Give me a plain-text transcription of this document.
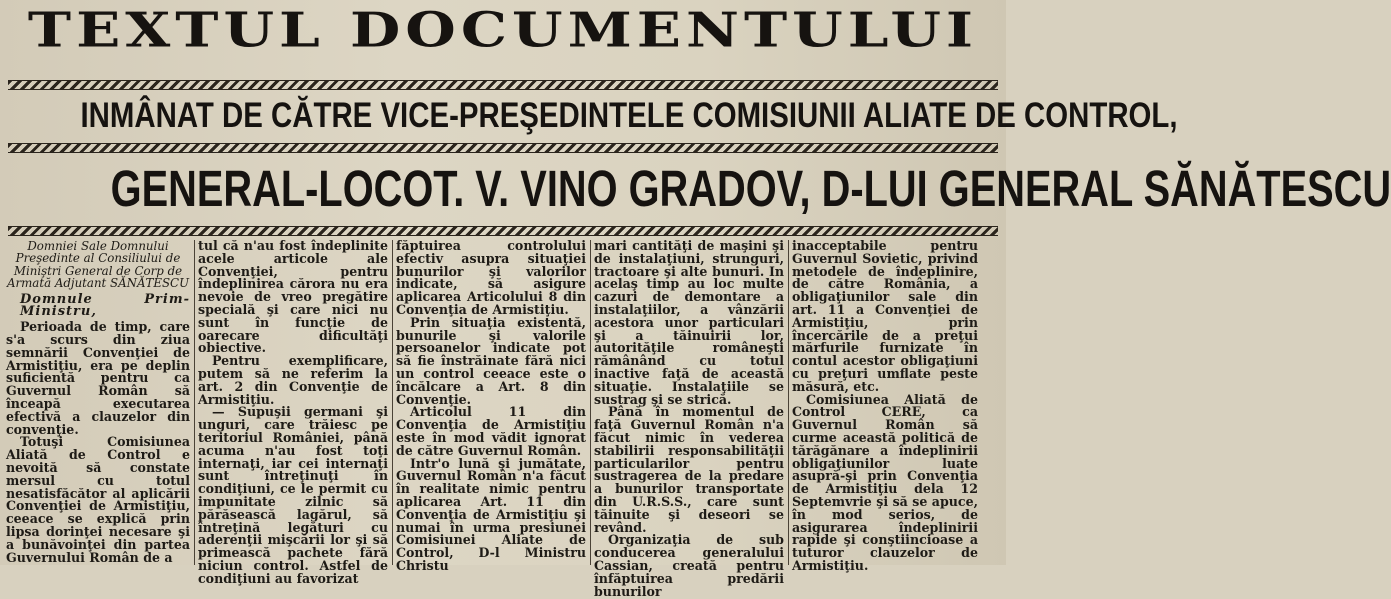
TEXTUL DOCUMENTULUI
INMÂNAT DE CĂTRE VICE-PREŞEDINTELE COMISIUNII ALIATE DE CONTROL,
GENERAL-LOCOT. V. VINO GRADOV, D-LUI GENERAL SĂNĂTESCU

Domniei Sale Domnului Preşedinte al Consiliului de Miniştri General de Corp de Armată Adjutant SĂNĂTESCU

Domnule Prim-Ministru,

Perioada de timp, care s'a scurs din ziua semnării Convenţiei de Armistiţiu, era pe deplin suficientă pentru ca Guvernul Român să înceapă executarea efectivă a clauzelor din convenţie.

Totuşi Comisiunea Aliată de Control e nevoită să constate mersul cu totul nesatisfăcător al aplicării Convenţiei de Armistiţiu, ceeace se explică prin lipsa dorinţei necesare şi a bunăvoinţei din partea Guvernului Român de a

tul că n'au fost îndeplinite acele articole ale Convenţiei, pentru îndeplinirea cărora nu era nevoie de vreo pregătire specială şi care nici nu sunt în funcţie de oarecare dificultăţi obiective.

Pentru exemplificare, putem să ne referim la art. 2 din Convenţie de Armistiţiu.

— Supuşii germani şi unguri, care trăiesc pe teritoriul României, până acuma n'au fost toţi internaţi, iar cei internaţi sunt întreţinuţi în condiţiuni, ce le permit cu impunitate zilnic să părăsească lagărul, să întreţină legături cu aderenţii mişcării lor şi să primească pachete fără niciun control. Astfel de condiţiuni au favorizat

făptuirea controlului efectiv asupra situaţiei bunurilor şi valorilor indicate, să asigure aplicarea Articolului 8 din Convenţia de Armistiţiu.

Prin situaţia existentă, bunurile şi valorile persoanelor indicate pot să fie înstrăinate fără nici un control ceeace este o încălcare a Art. 8 din Convenţie.

Articolul 11 din Convenţia de Armistiţiu este în mod vădit ignorat de către Guvernul Român.

Intr'o lună şi jumătate, Guvernul Român n'a făcut în realitate nimic pentru aplicarea Art. 11 din Convenţia de Armistiţiu şi numai în urma presiunei Comisiunei Aliate de Control, D-l Ministru Christu

mari cantităţi de maşini şi de instalaţiuni, strunguri, tractoare şi alte bunuri. In acelaş timp au loc multe cazuri de demontare a instalaţiilor, a vânzării acestora unor particulari şi a tăinuirii lor, autorităţile româneşti rămânând cu totul inactive faţă de această situaţie. Instalaţiile se sustrag şi se strică.

Până în momentul de faţă Guvernul Român n'a făcut nimic în vederea stabilirii responsabilităţii particularilor pentru sustragerea de la predare a bunurilor transportate din U.R.S.S., care sunt tăinuite şi deseori se revând.

Organizaţia de sub conducerea generalului Cassian, creată pentru înfăptuirea predării bunurilor

inacceptabile pentru Guvernul Sovietic, privind metodele de îndeplinire, de către România, a obligaţiunilor sale din art. 11 a Convenţiei de Armistiţiu, prin încercările de a preţui mărfurile furnizate în contul acestor obligaţiuni cu preţuri umflate peste măsură, etc.

Comisiunea Aliată de Control CERE, ca Guvernul Român să curme această politică de tărăgănare a îndeplinirii obligaţiunilor luate asupră-şi prin Convenţia de Armistiţiu dela 12 Septemvrie şi să se apuce, în mod serios, de asigurarea îndeplinirii rapide şi conştiincioase a tuturor clauzelor de Armistiţiu.
